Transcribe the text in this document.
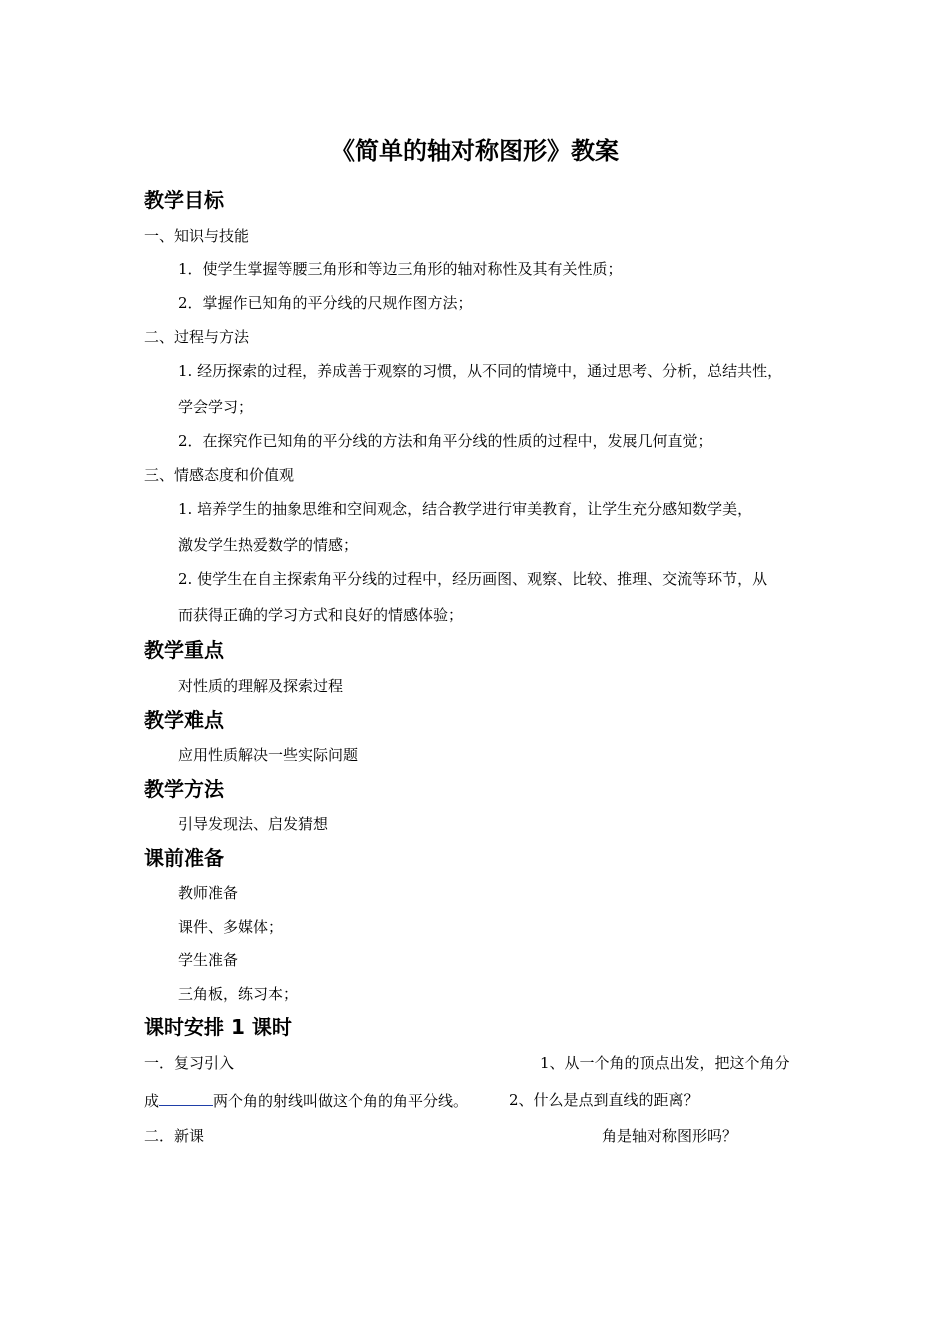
《简单的轴对称图形》教案
教学目标
一、知识与技能
1．使学生掌握等腰三角形和等边三角形的轴对称性及其有关性质；
2．掌握作已知角的平分线的尺规作图方法；
二、过程与方法
1. 经历探索的过程，养成善于观察的习惯，从不同的情境中，通过思考、分析，总结共性，
学会学习；
2．在探究作已知角的平分线的方法和角平分线的性质的过程中，发展几何直觉；
三、情感态度和价值观
1. 培养学生的抽象思维和空间观念，结合教学进行审美教育，让学生充分感知数学美，
激发学生热爱数学的情感；
2. 使学生在自主探索角平分线的过程中，经历画图、观察、比较、推理、交流等环节，从
而获得正确的学习方式和良好的情感体验；
教学重点
对性质的理解及探索过程
教学难点
应用性质解决一些实际问题
教学方法
引导发现法、启发猜想
课前准备
教师准备
课件、多媒体；
学生准备
三角板，练习本；
课时安排 1 课时
一．复习引入	1、从一个角的顶点出发，把这个角分
成	两个角的射线叫做这个角的角平分线。	2、什么是点到直线的距离？
二．新课	角是轴对称图形吗？
